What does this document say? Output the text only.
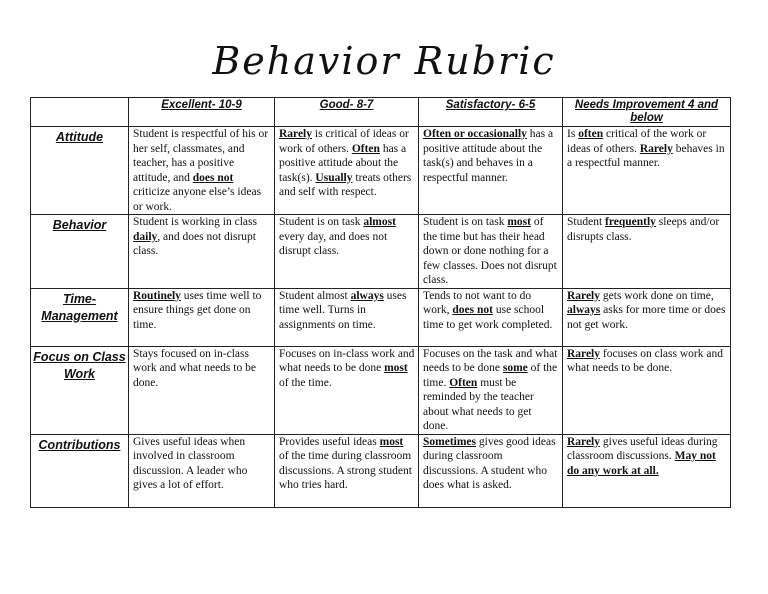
Behavior Rubric
	Excellent- 10-9	Good- 8-7	Satisfactory- 6-5	Needs Improvement 4 and below
Attitude	Student is respectful of his or her self, classmates, and teacher, has a positive attitude, and does not criticize anyone else’s ideas or work.	Rarely is critical of ideas or work of others. Often has a positive attitude about the task(s). Usually treats others and self with respect.	Often or occasionally has a positive attitude about the task(s) and behaves in a respectful manner.	Is often critical of the work or ideas of others. Rarely behaves in a respectful manner.
Behavior	Student is working in class daily, and does not disrupt class.	Student is on task almost every day, and does not disrupt class.	Student is on task most of the time but has their head down or done nothing for a few classes. Does not disrupt class.	Student frequently sleeps and/or disrupts class.
Time-Management	Routinely uses time well to ensure things get done on time.	Student almost always uses time well. Turns in assignments on time.	Tends to not want to do work, does not use school time to get work completed.	Rarely gets work done on time, always asks for more time or does not get work.
Focus on Class Work	Stays focused on in-class work and what needs to be done.	Focuses on in-class work and what needs to be done most of the time.	Focuses on the task and what needs to be done some of the time. Often must be reminded by the teacher about what needs to get done.	Rarely focuses on class work and what needs to be done.
Contributions	Gives useful ideas when involved in classroom discussion. A leader who gives a lot of effort.	Provides useful ideas most of the time during classroom discussions. A strong student who tries hard.	Sometimes gives good ideas during classroom discussions. A student who does what is asked.	Rarely gives useful ideas during classroom discussions. May not do any work at all.
